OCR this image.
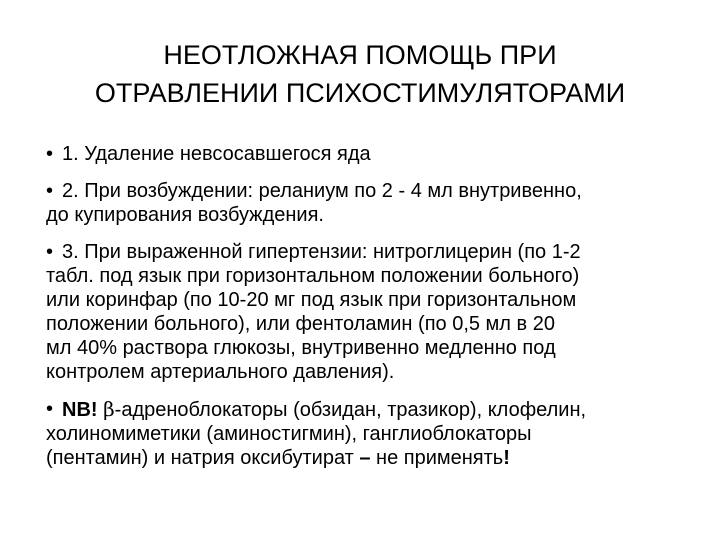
НЕОТЛОЖНАЯ ПОМОЩЬ ПРИ
ОТРАВЛЕНИИ ПСИХОСТИМУЛЯТОРАМИ
• 1. Удаление невсосавшегося яда
• 2. При возбуждении: реланиум по 2 - 4 мл внутривенно,
до купирования возбуждения.
• 3. При выраженной гипертензии: нитроглицерин (по 1-2
табл. под язык при горизонтальном положении больного)
или коринфар (по 10-20 мг под язык при горизонтальном
положении больного), или фентоламин (по 0,5 мл в 20
мл 40% раствора глюкозы, внутривенно медленно под
контролем артериального давления).
• NB! β-адреноблокаторы (обзидан, тразикор), клофелин,
холиномиметики (аминостигмин), ганглиоблокаторы
(пентамин) и натрия оксибутират – не применять!
